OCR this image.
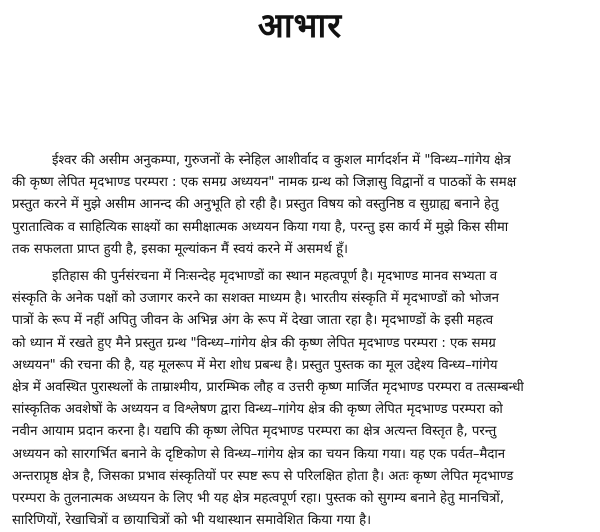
आभार
ईश्वर की असीम अनुकम्पा, गुरुजनों के स्नेहिल आशीर्वाद व कुशल मार्गदर्शन में "विन्ध्य–गांगेय क्षेत्र
की कृष्ण लेपित मृदभाण्ड परम्परा : एक समग्र अध्ययन" नामक ग्रन्थ को जिज्ञासु विद्वानों व पाठकों के समक्ष
प्रस्तुत करने में मुझे असीम आनन्द की अनुभूति हो रही है। प्रस्तुत विषय को वस्तुनिष्ठ व सुग्राह्य बनाने हेतु
पुरातात्विक व साहित्यिक साक्ष्यों का समीक्षात्मक अध्ययन किया गया है, परन्तु इस कार्य में मुझे किस सीमा
तक सफलता प्राप्त हुयी है, इसका मूल्यांकन मैं स्वयं करने में असमर्थ हूँ।
इतिहास की पुर्नसंरचना में निःसन्देह मृदभाण्डों का स्थान महत्वपूर्ण है। मृदभाण्ड मानव सभ्यता व
संस्कृति के अनेक पक्षों को उजागर करने का सशक्त माध्यम है। भारतीय संस्कृति में मृदभाण्डों को भोजन
पात्रों के रूप में नहीं अपितु जीवन के अभिन्न अंग के रूप में देखा जाता रहा है। मृदभाण्डों के इसी महत्व
को ध्यान में रखते हुए मैने प्रस्तुत ग्रन्थ "विन्ध्य–गांगेय क्षेत्र की कृष्ण लेपित मृदभाण्ड परम्परा : एक समग्र
अध्ययन" की रचना की है, यह मूलरूप में मेरा शोध प्रबन्ध है। प्रस्तुत पुस्तक का मूल उद्देश्य विन्ध्य–गांगेय
क्षेत्र में अवस्थित पुरास्थलों के ताम्राश्मीय, प्रारम्भिक लौह व उत्तरी कृष्ण मार्जित मृदभाण्ड परम्परा व तत्सम्बन्धी
सांस्कृतिक अवशेषों के अध्ययन व विश्लेषण द्वारा विन्ध्य–गांगेय क्षेत्र की कृष्ण लेपित मृदभाण्ड परम्परा को
नवीन आयाम प्रदान करना है। यद्यपि की कृष्ण लेपित मृदभाण्ड परम्परा का क्षेत्र अत्यन्त विस्तृत है, परन्तु
अध्ययन को सारगर्भित बनाने के दृष्टिकोण से विन्ध्य–गांगेय क्षेत्र का चयन किया गया। यह एक पर्वत–मैदान
अन्तराप्रृष्ठ क्षेत्र है, जिसका प्रभाव संस्कृतियों पर स्पष्ट रूप से परिलक्षित होता है। अतः कृष्ण लेपित मृदभाण्ड
परम्परा के तुलनात्मक अध्ययन के लिए भी यह क्षेत्र महत्वपूर्ण रहा। पुस्तक को सुगम्य बनाने हेतु मानचित्रों,
सारिणियों, रेखाचित्रों व छायाचित्रों को भी यथास्थान समावेशित किया गया है।
